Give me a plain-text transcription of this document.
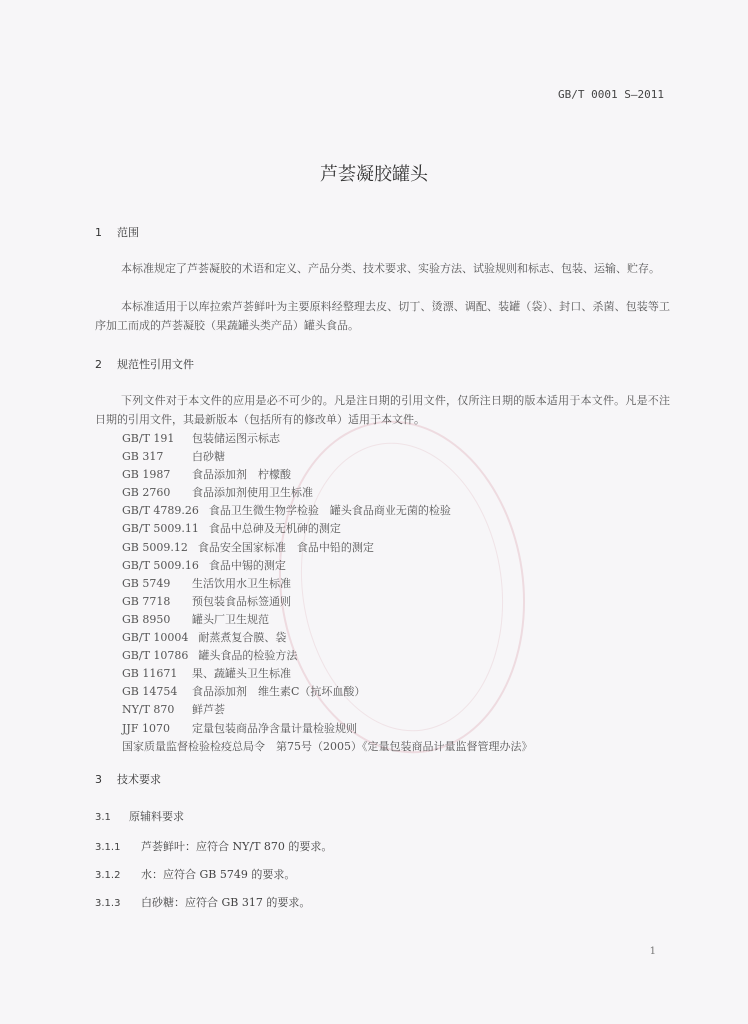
GB/T 0001 S—2011
芦荟凝胶罐头
1 范围
本标准规定了芦荟凝胶的术语和定义、产品分类、技术要求、实验方法、试验规则和标志、包装、运输、贮存。
本标准适用于以库拉索芦荟鲜叶为主要原料经整理去皮、切丁、烫漂、调配、装罐（袋）、封口、杀菌、包装等工序加工而成的芦荟凝胶（果蔬罐头类产品）罐头食品。
2 规范性引用文件
下列文件对于本文件的应用是必不可少的。凡是注日期的引用文件，仅所注日期的版本适用于本文件。凡是不注日期的引用文件，其最新版本（包括所有的修改单）适用于本文件。
GB/T 191 包装储运图示标志
GB 317	白砂糖
GB 1987 食品添加剂　柠檬酸
GB 2760 食品添加剂使用卫生标准
GB/T 4789.26 食品卫生微生物学检验　罐头食品商业无菌的检验
GB/T 5009.11 食品中总砷及无机砷的测定
GB 5009.12 食品安全国家标准　食品中铅的测定
GB/T 5009.16 食品中锡的测定
GB 5749 生活饮用水卫生标准
GB 7718 预包装食品标签通则
GB 8950 罐头厂卫生规范
GB/T 10004 耐蒸煮复合膜、袋
GB/T 10786 罐头食品的检验方法
GB 11671 果、蔬罐头卫生标准
GB 14754 食品添加剂　维生素C（抗坏血酸）
NY/T 870 鲜芦荟
JJF 1070 定量包装商品净含量计量检验规则
国家质量监督检验检疫总局令　第75号（2005）《定量包装商品计量监督管理办法》
3 技术要求
3.1 原辅料要求
3.1.1 芦荟鲜叶：应符合 NY/T 870 的要求。
3.1.2 水：应符合 GB 5749 的要求。
3.1.3 白砂糖：应符合 GB 317 的要求。
1
